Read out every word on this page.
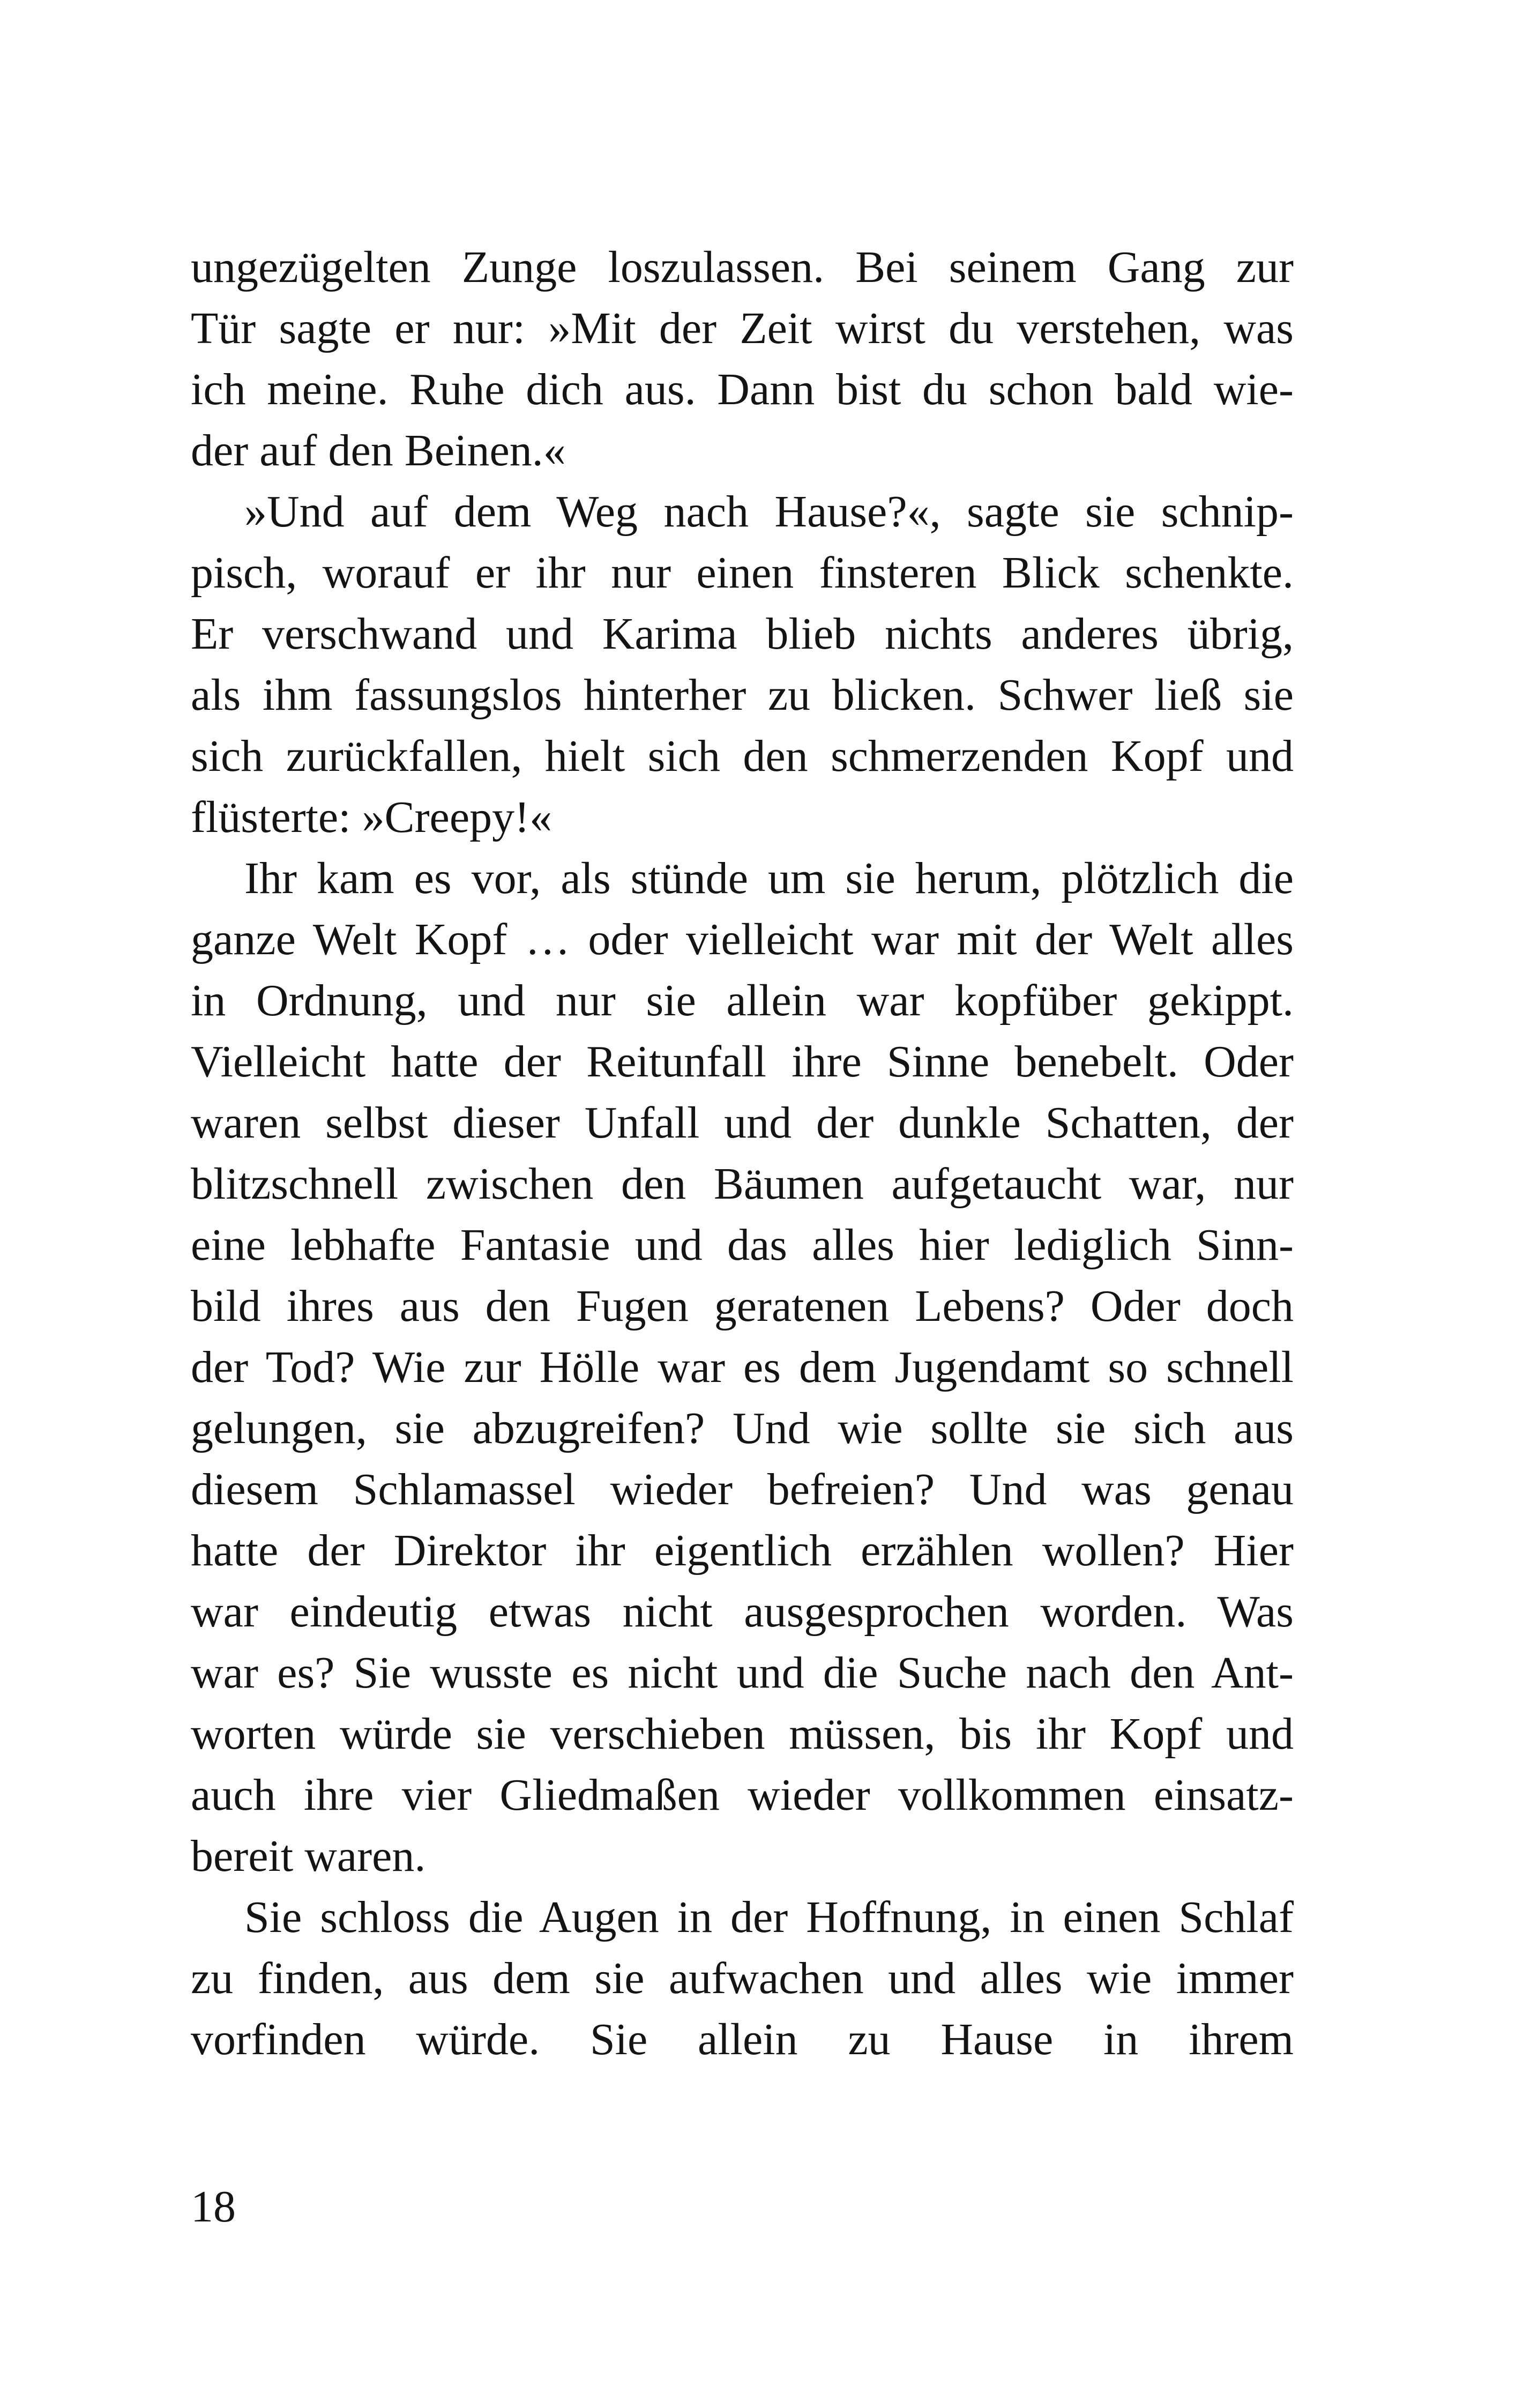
ungezügelten Zunge loszulassen. Bei seinem Gang zur
Tür sagte er nur: »Mit der Zeit wirst du verstehen, was
ich meine. Ruhe dich aus. Dann bist du schon bald wie-
der auf den Beinen.«
»Und auf dem Weg nach Hause?«, sagte sie schnip-
pisch, worauf er ihr nur einen finsteren Blick schenkte.
Er verschwand und Karima blieb nichts anderes übrig,
als ihm fassungslos hinterher zu blicken. Schwer ließ sie
sich zurückfallen, hielt sich den schmerzenden Kopf und
flüsterte: »Creepy!«
Ihr kam es vor, als stünde um sie herum, plötzlich die
ganze Welt Kopf … oder vielleicht war mit der Welt alles
in Ordnung, und nur sie allein war kopfüber gekippt.
Vielleicht hatte der Reitunfall ihre Sinne benebelt. Oder
waren selbst dieser Unfall und der dunkle Schatten, der
blitzschnell zwischen den Bäumen aufgetaucht war, nur
eine lebhafte Fantasie und das alles hier lediglich Sinn-
bild ihres aus den Fugen geratenen Lebens? Oder doch
der Tod? Wie zur Hölle war es dem Jugendamt so schnell
gelungen, sie abzugreifen? Und wie sollte sie sich aus
diesem Schlamassel wieder befreien? Und was genau
hatte der Direktor ihr eigentlich erzählen wollen? Hier
war eindeutig etwas nicht ausgesprochen worden. Was
war es? Sie wusste es nicht und die Suche nach den Ant-
worten würde sie verschieben müssen, bis ihr Kopf und
auch ihre vier Gliedmaßen wieder vollkommen einsatz-
bereit waren.
Sie schloss die Augen in der Hoffnung, in einen Schlaf
zu finden, aus dem sie aufwachen und alles wie immer
vorfinden würde. Sie allein zu Hause in ihrem
18
